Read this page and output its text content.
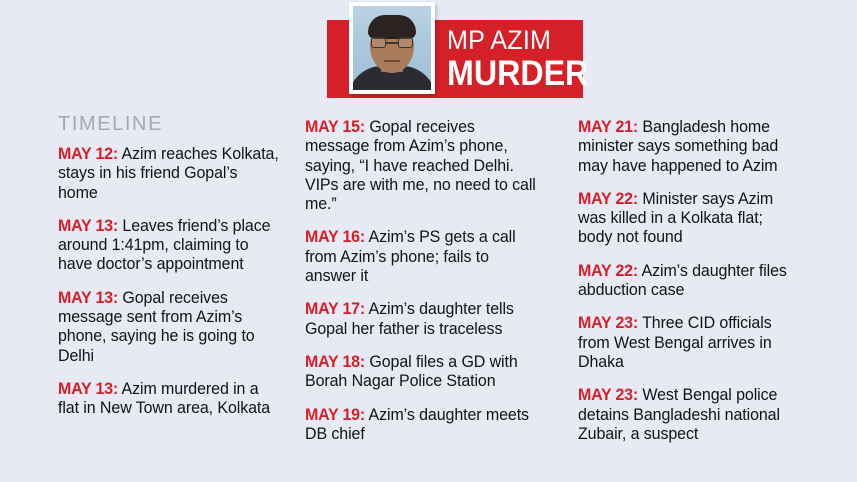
MP AZIM
MURDER
TIMELINE
MAY 12: Azim reaches Kolkata, stays in his friend Gopal’s home
MAY 13: Leaves friend’s place around 1:41pm, claiming to have doctor’s appointment
MAY 13: Gopal receives message sent from Azim’s phone, saying he is going to Delhi
MAY 13: Azim murdered in a flat in New Town area, Kolkata
MAY 15: Gopal receives message from Azim’s phone, saying, “I have reached Delhi. VIPs are with me, no need to call me.”
MAY 16: Azim’s PS gets a call from Azim’s phone; fails to answer it
MAY 17: Azim’s daughter tells Gopal her father is traceless
MAY 18: Gopal files a GD with Borah Nagar Police Station
MAY 19: Azim’s daughter meets DB chief
MAY 21: Bangladesh home minister says something bad may have happened to Azim
MAY 22: Minister says Azim was killed in a Kolkata flat; body not found
MAY 22: Azim’s daughter files abduction case
MAY 23: Three CID officials from West Bengal arrives in Dhaka
MAY 23: West Bengal police detains Bangladeshi national Zubair, a suspect
